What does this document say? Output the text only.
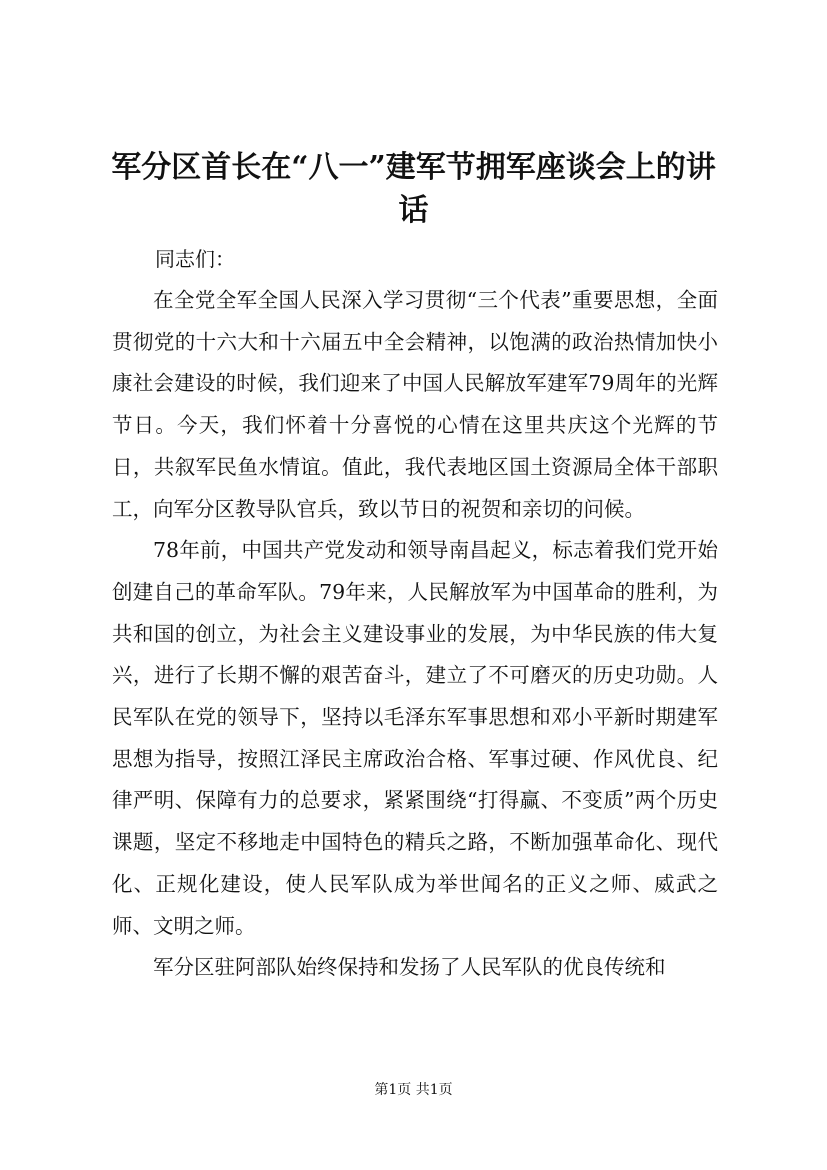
军分区首长在“八一”建军节拥军座谈会上的讲话

同志们：

在全党全军全国人民深入学习贯彻“三个代表”重要思想，全面贯彻党的十六大和十六届五中全会精神，以饱满的政治热情加快小康社会建设的时候，我们迎来了中国人民解放军建军79周年的光辉节日。今天，我们怀着十分喜悦的心情在这里共庆这个光辉的节日，共叙军民鱼水情谊。值此，我代表地区国土资源局全体干部职工，向军分区教导队官兵，致以节日的祝贺和亲切的问候。

78年前，中国共产党发动和领导南昌起义，标志着我们党开始创建自己的革命军队。79年来，人民解放军为中国革命的胜利，为共和国的创立，为社会主义建设事业的发展，为中华民族的伟大复兴，进行了长期不懈的艰苦奋斗，建立了不可磨灭的历史功勋。人民军队在党的领导下，坚持以毛泽东军事思想和邓小平新时期建军思想为指导，按照江泽民主席政治合格、军事过硬、作风优良、纪律严明、保障有力的总要求，紧紧围绕“打得赢、不变质”两个历史课题，坚定不移地走中国特色的精兵之路，不断加强革命化、现代化、正规化建设，使人民军队成为举世闻名的正义之师、威武之师、文明之师。

军分区驻阿部队始终保持和发扬了人民军队的优良传统和

第1页 共1页
